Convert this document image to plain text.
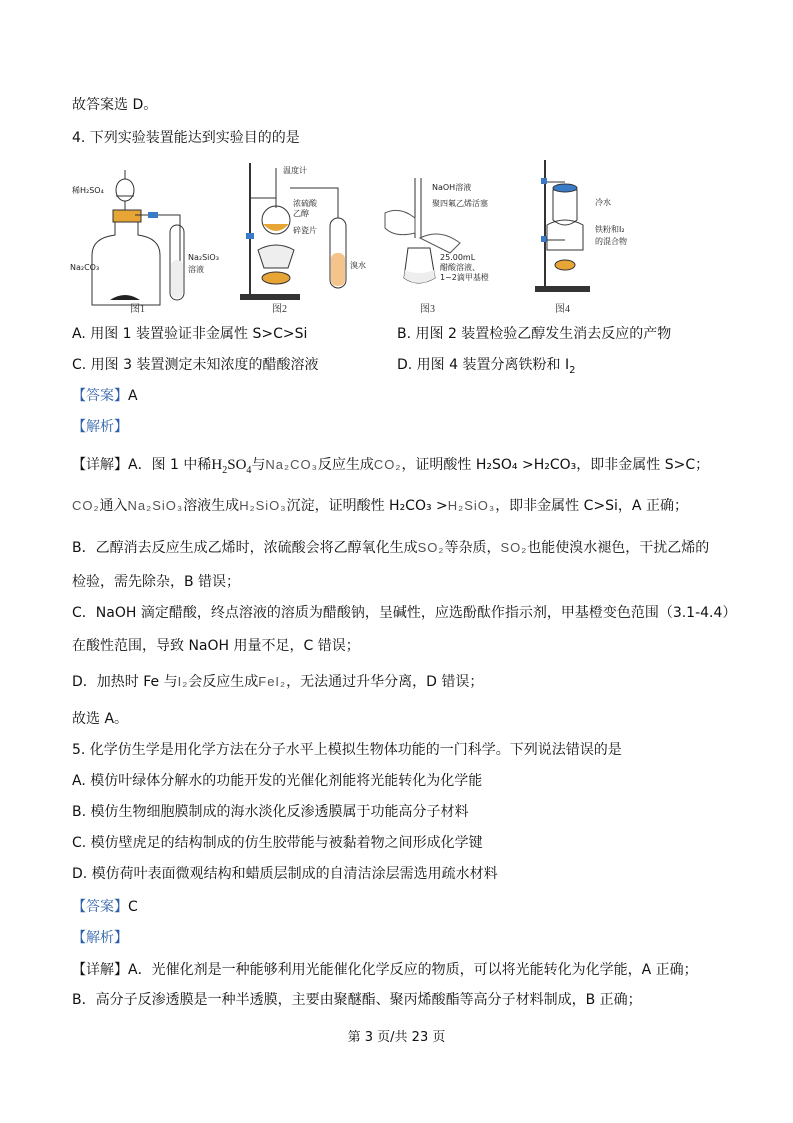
故答案选 D。
4. 下列实验装置能达到实验目的的是
稀H₂SO₄
Na₂CO₃
Na₂SiO₃
溶液
图1
温度计
浓硫酸
乙醇
碎瓷片
溴水
图2
NaOH溶液
聚四氟乙烯活塞
25.00mL
醋酸溶液、
1~2滴甲基橙
图3
冷水
铁粉和I₂
的混合物
图4
A. 用图 1 装置验证非金属性 S>C>Si	B. 用图 2 装置检验乙醇发生消去反应的产物
C. 用图 3 装置测定未知浓度的醋酸溶液	D. 用图 4 装置分离铁粉和 $I_2$
【答案】A
【解析】
【详解】A．图 1 中稀$H_2SO_4$与Na₂CO₃反应生成CO₂，证明酸性 H₂SO₄ >H₂CO₃，即非金属性 S>C；
CO₂通入Na₂SiO₃溶液生成H₂SiO₃沉淀，证明酸性 H₂CO₃ >H₂SiO₃，即非金属性 C>Si，A 正确；
B．乙醇消去反应生成乙烯时，浓硫酸会将乙醇氧化生成SO₂等杂质，SO₂也能使溴水褪色，干扰乙烯的
检验，需先除杂，B 错误；
C．NaOH 滴定醋酸，终点溶液的溶质为醋酸钠，呈碱性，应选酚酞作指示剂，甲基橙变色范围（3.1-4.4）
在酸性范围，导致 NaOH 用量不足，C 错误；
D．加热时 Fe 与I₂会反应生成FeI₂，无法通过升华分离，D 错误；
故选 A。
5. 化学仿生学是用化学方法在分子水平上模拟生物体功能的一门科学。下列说法错误的是
A. 模仿叶绿体分解水的功能开发的光催化剂能将光能转化为化学能
B. 模仿生物细胞膜制成的海水淡化反渗透膜属于功能高分子材料
C. 模仿壁虎足的结构制成的仿生胶带能与被黏着物之间形成化学键
D. 模仿荷叶表面微观结构和蜡质层制成的自清洁涂层需选用疏水材料
【答案】C
【解析】
【详解】A．光催化剂是一种能够利用光能催化化学反应的物质，可以将光能转化为化学能，A 正确；
B．高分子反渗透膜是一种半透膜，主要由聚醚酯、聚丙烯酸酯等高分子材料制成，B 正确；
第 3 页/共 23 页
